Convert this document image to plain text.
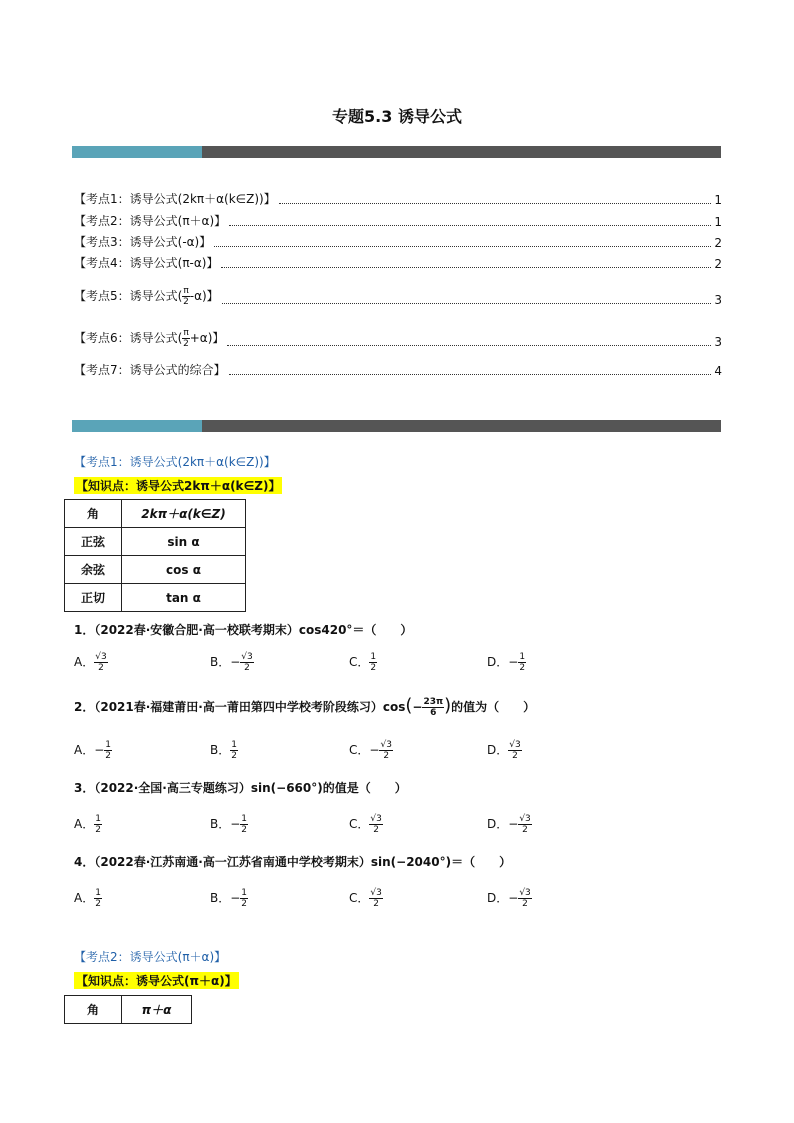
专题5.3 诱导公式
【考点1：诱导公式(2kπ＋α(k∈Z))】	1
【考点2：诱导公式(π＋α)】	1
【考点3：诱导公式(-α)】	2
【考点4：诱导公式(π-α)】	2
【考点5：诱导公式( $\frac{\pi}{2} -\alpha$)】	3
【考点6：诱导公式( $\frac{\pi}{2} +\alpha$)】	3
【考点7：诱导公式的综合】	4
【考点1：诱导公式(2kπ＋α(k∈Z))】
【知识点：诱导公式2kπ＋α(k∈Z)】
角	2kπ＋α(k∈Z)
正弦	sin α
余弦	cos α
正切	tan α
1．（2022春·安徽合肥·高一校联考期末）cos420°＝（　　）
A． $\frac{√3}{2}$	B．− $\frac{√3}{2}$	C． $\frac{1}{2}$	D．− $\frac{1}{2}$
2．（2021春·福建莆田·高一莆田第四中学校考阶段练习）$\cos(- \frac{23\pi}{6}$ )的值为（　　）
A．− $\frac{1}{2}$	B． $\frac{1}{2}$	C．− $\frac{√3}{2}$	D． $\frac{√3}{2}$
3．（2022·全国·高三专题练习）sin(−660°)的值是（　　）
A． $\frac{1}{2}$	B．− $\frac{1}{2}$	C． $\frac{√3}{2}$	D．− $\frac{√3}{2}$
4．（2022春·江苏南通·高一江苏省南通中学校考期末）sin(−2040°)＝（　　）
A． $\frac{1}{2}$	B．− $\frac{1}{2}$	C． $\frac{√3}{2}$	D．− $\frac{√3}{2}$
【考点2：诱导公式(π＋α)】
【知识点：诱导公式(π＋α)】
角	π＋α
